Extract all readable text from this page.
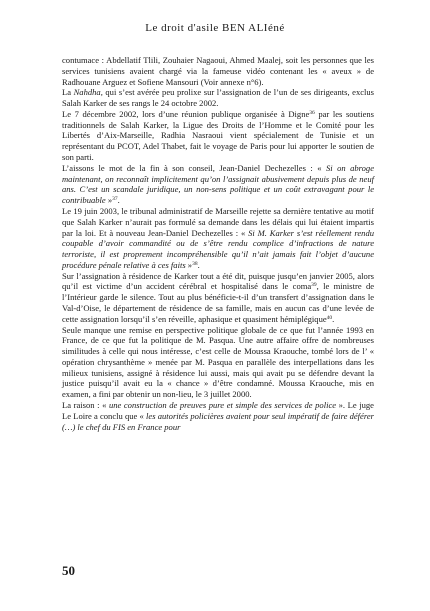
Le droit d'asile BEN ALIéné

contumace : Abdellatif Tlili, Zouhaier Nagaoui, Ahmed Maalej, soit les personnes que les services tunisiens avaient chargé via la fameuse vidéo contenant les « aveux » de Radhouane Arguez et Sofiene Mansouri (Voir annexe n°6).

La Nahdha, qui s’est avérée peu prolixe sur l’assignation de l’un de ses dirigeants, exclus Salah Karker de ses rangs le 24 octobre 2002.

Le 7 décembre 2002, lors d’une réunion publique organisée à Digne$^{36}$ par les soutiens traditionnels de Salah Karker, la Ligue des Droits de l’Homme et le Comité pour les Libertés d’Aix-Marseille, Radhia Nasraoui vient spécialement de Tunisie et un représentant du PCOT, Adel Thabet, fait le voyage de Paris pour lui apporter le soutien de son parti.

L’aissons le mot de la fin à son conseil, Jean-Daniel Dechezelles : « Si on abroge maintenant, on reconnaît implicitement qu’on l’assignait abusivement depuis plus de neuf ans. C’est un scandale juridique, un non-sens politique et un coût extravagant pour le contribuable »$^{37}$.

Le 19 juin 2003, le tribunal administratif de Marseille rejette sa dernière tentative au motif que Salah Karker n’aurait pas formulé sa demande dans les délais qui lui étaient impartis par la loi. Et à nouveau Jean-Daniel Dechezelles : « Si M. Karker s’est réellement rendu coupable d’avoir commandité ou de s’être rendu complice d’infractions de nature terroriste, il est proprement incompréhensible qu’il n’ait jamais fait l’objet d’aucune procédure pénale relative à ces faits »$^{38}$.

Sur l’assignation à résidence de Karker tout a été dit, puisque jusqu’en janvier 2005, alors qu’il est victime d’un accident cérébral et hospitalisé dans le coma$^{39}$, le ministre de l’Intérieur garde le silence. Tout au plus bénéficie-t-il d’un transfert d’assignation dans le Val-d’Oise, le département de résidence de sa famille, mais en aucun cas d’une levée de cette assignation lorsqu’il s’en réveille, aphasique et quasiment hémiplégique$^{40}$.

Seule manque une remise en perspective politique globale de ce que fut l’année 1993 en France, de ce que fut la politique de M. Pasqua. Une autre affaire offre de nombreuses similitudes à celle qui nous intéresse, c’est celle de Moussa Kraouche, tombé lors de l’ « opération chrysanthème » menée par M. Pasqua en parallèle des interpellations dans les milieux tunisiens, assigné à résidence lui aussi, mais qui avait pu se défendre devant la justice puisqu’il avait eu la « chance » d’être condamné. Moussa Kraouche, mis en examen, a fini par obtenir un non-lieu, le 3 juillet 2000.

La raison : « une construction de preuves pure et simple des services de police ». Le juge Le Loire a conclu que « les autorités policières avaient pour seul impératif de faire déférer (…) le chef du FIS en France pour

50
